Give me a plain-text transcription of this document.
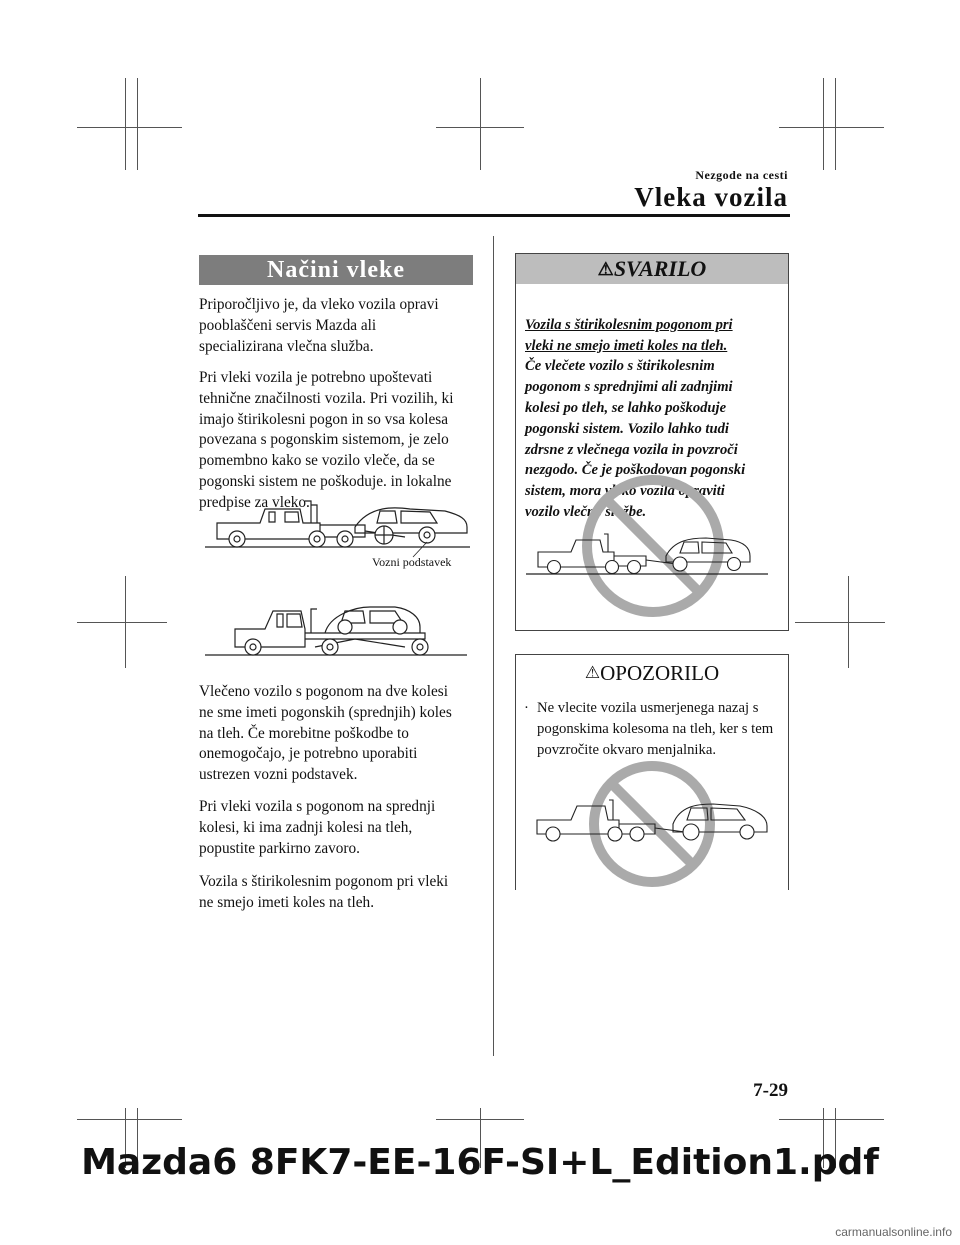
Nezgode na cesti
Vleka vozila
Načini vleke
Priporočljivo je, da vleko vozila opravi
pooblaščeni servis Mazda ali
specializirana vlečna služba.
Pri vleki vozila je potrebno upoštevati
tehnične značilnosti vozila. Pri vozilih, ki
imajo štirikolesni pogon in so vsa kolesa
povezana s pogonskim sistemom, je zelo
pomembno kako se vozilo vleče, da se
pogonski sistem ne poškoduje. in lokalne
predpise za vleko.
Vozni podstavek
Vlečeno vozilo s pogonom na dve kolesi
ne sme imeti pogonskih (sprednjih) koles
na tleh. Če morebitne poškodbe to
onemogočajo, je potrebno uporabiti
ustrezen vozni podstavek.
Pri vleki vozila s pogonom na sprednji
kolesi, ki ima zadnji kolesi na tleh,
popustite parkirno zavoro.
Vozila s štirikolesnim pogonom pri vleki
ne smejo imeti koles na tleh.
⚠SVARILO

Vozila s štirikolesnim pogonom pri
vleki ne smejo imeti koles na tleh.

Če vlečete vozilo s štirikolesnim
pogonom s sprednjimi ali zadnjimi
kolesi po tleh, se lahko poškoduje
pogonski sistem. Vozilo lahko tudi
zdrsne z vlečnega vozila in povzroči
nezgodo. Če je poškodovan pogonski
sistem, mora vleko vozila opraviti
vozilo vlečne

⚠OPOZORILO
· Ne vlecite vozila usmerjenega nazaj s pogonskima kolesoma na tleh, ker s tem povzročite okvaro menjalnika.
7-29
Mazda6 8FK7-EE-16F-SI+L_Edition1.pdf
carmanualsonline.info
